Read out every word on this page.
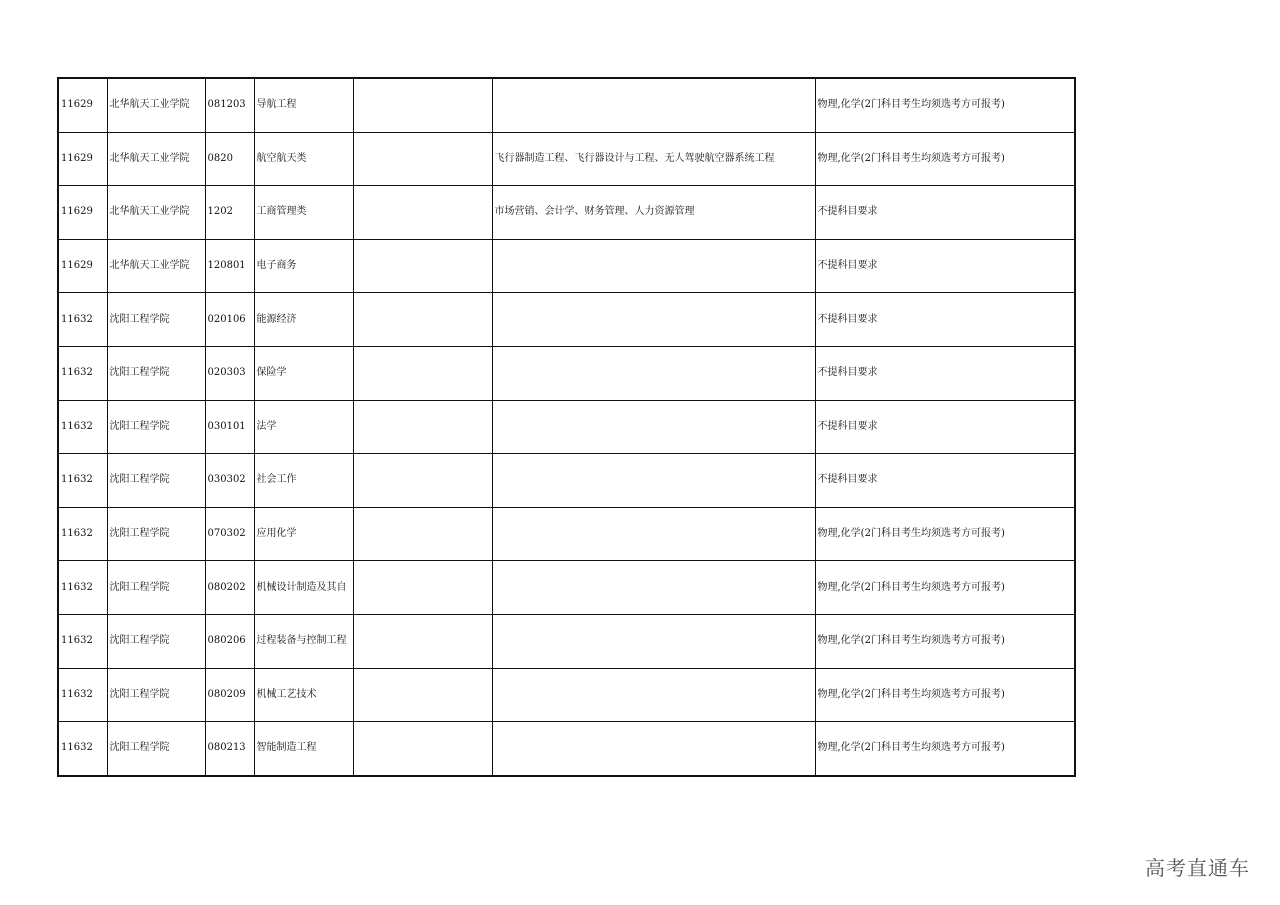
11629	北华航天工业学院	081203	导航工程			物理,化学(2门科目考生均须选考方可报考)
11629	北华航天工业学院	0820	航空航天类		飞行器制造工程、飞行器设计与工程、无人驾驶航空器系统工程	物理,化学(2门科目考生均须选考方可报考)
11629	北华航天工业学院	1202	工商管理类		市场营销、会计学、财务管理、人力资源管理	不提科目要求
11629	北华航天工业学院	120801	电子商务			不提科目要求
11632	沈阳工程学院	020106	能源经济			不提科目要求
11632	沈阳工程学院	020303	保险学			不提科目要求
11632	沈阳工程学院	030101	法学			不提科目要求
11632	沈阳工程学院	030302	社会工作			不提科目要求
11632	沈阳工程学院	070302	应用化学			物理,化学(2门科目考生均须选考方可报考)
11632	沈阳工程学院	080202	机械设计制造及其自			物理,化学(2门科目考生均须选考方可报考)
11632	沈阳工程学院	080206	过程装备与控制工程			物理,化学(2门科目考生均须选考方可报考)
11632	沈阳工程学院	080209	机械工艺技术			物理,化学(2门科目考生均须选考方可报考)
11632	沈阳工程学院	080213	智能制造工程			物理,化学(2门科目考生均须选考方可报考)
高考直通车
